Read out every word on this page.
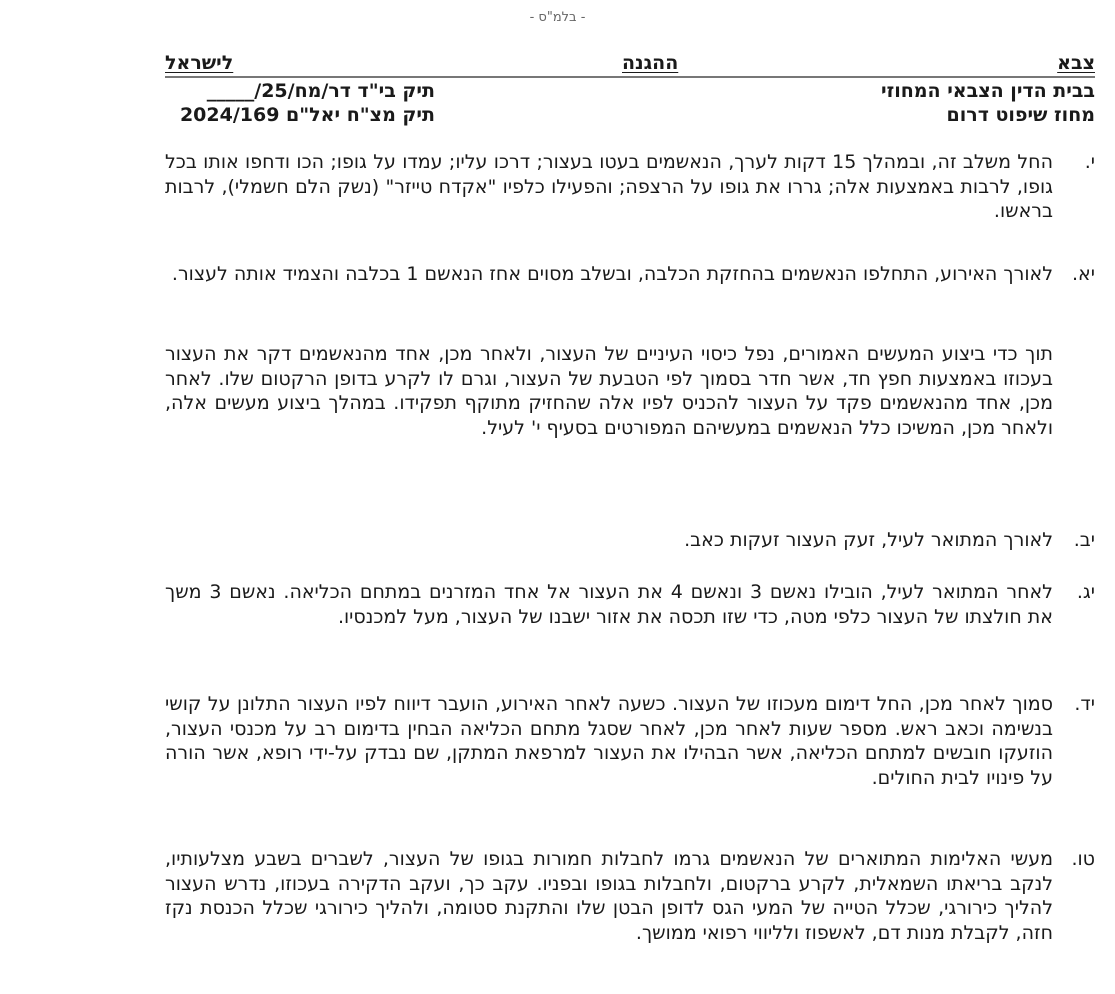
- בלמ"ס -
צבא
ההגנה
לישראל
בבית הדין הצבאי המחוזי
מחוז שיפוט דרום
תיק בי"ד דר/מח/25/_____
תיק מצ"ח יאל"ם 2024/169
י.
החל משלב זה, ובמהלך 15 דקות לערך, הנאשמים בעטו בעצור; דרכו עליו; עמדו על גופו; הכו ודחפו אותו בכל גופו, לרבות באמצעות אלה; גררו את גופו על הרצפה; והפעילו כלפיו "אקדח טייזר" (נשק הלם חשמלי), לרבות בראשו.
יא.
לאורך האירוע, התחלפו הנאשמים בהחזקת הכלבה, ובשלב מסוים אחז הנאשם 1 בכלבה והצמיד אותה לעצור.
תוך כדי ביצוע המעשים האמורים, נפל כיסוי העיניים של העצור, ולאחר מכן, אחד מהנאשמים דקר את העצור בעכוזו באמצעות חפץ חד, אשר חדר בסמוך לפי הטבעת של העצור, וגרם לו לקרע בדופן הרקטום שלו. לאחר מכן, אחד מהנאשמים פקד על העצור להכניס לפיו אלה שהחזיק מתוקף תפקידו. במהלך ביצוע מעשים אלה, ולאחר מכן, המשיכו כלל הנאשמים במעשיהם המפורטים בסעיף י' לעיל.
יב.
לאורך המתואר לעיל, זעק העצור זעקות כאב.
יג.
לאחר המתואר לעיל, הובילו נאשם 3 ונאשם 4 את העצור אל אחד המזרנים במתחם הכליאה. נאשם 3 משך את חולצתו של העצור כלפי מטה, כדי שזו תכסה את אזור ישבנו של העצור, מעל למכנסיו.
יד.
סמוך לאחר מכן, החל דימום מעכוזו של העצור. כשעה לאחר האירוע, הועבר דיווח לפיו העצור התלונן על קושי בנשימה וכאב ראש. מספר שעות לאחר מכן, לאחר שסגל מתחם הכליאה הבחין בדימום רב על מכנסי העצור, הוזעקו חובשים למתחם הכליאה, אשר הבהילו את העצור למרפאת המתקן, שם נבדק על-ידי רופא, אשר הורה על פינויו לבית החולים.
טו.
מעשי האלימות המתוארים של הנאשמים גרמו לחבלות חמורות בגופו של העצור, לשברים בשבע מצלעותיו, לנקב בריאתו השמאלית, לקרע ברקטום, ולחבלות בגופו ובפניו. עקב כך, ועקב הדקירה בעכוזו, נדרש העצור להליך כירורגי, שכלל הטייה של המעי הגס לדופן הבטן שלו והתקנת סטומה, ולהליך כירורגי שכלל הכנסת נקז חזה, לקבלת מנות דם, לאשפוז ולליווי רפואי ממושך.
